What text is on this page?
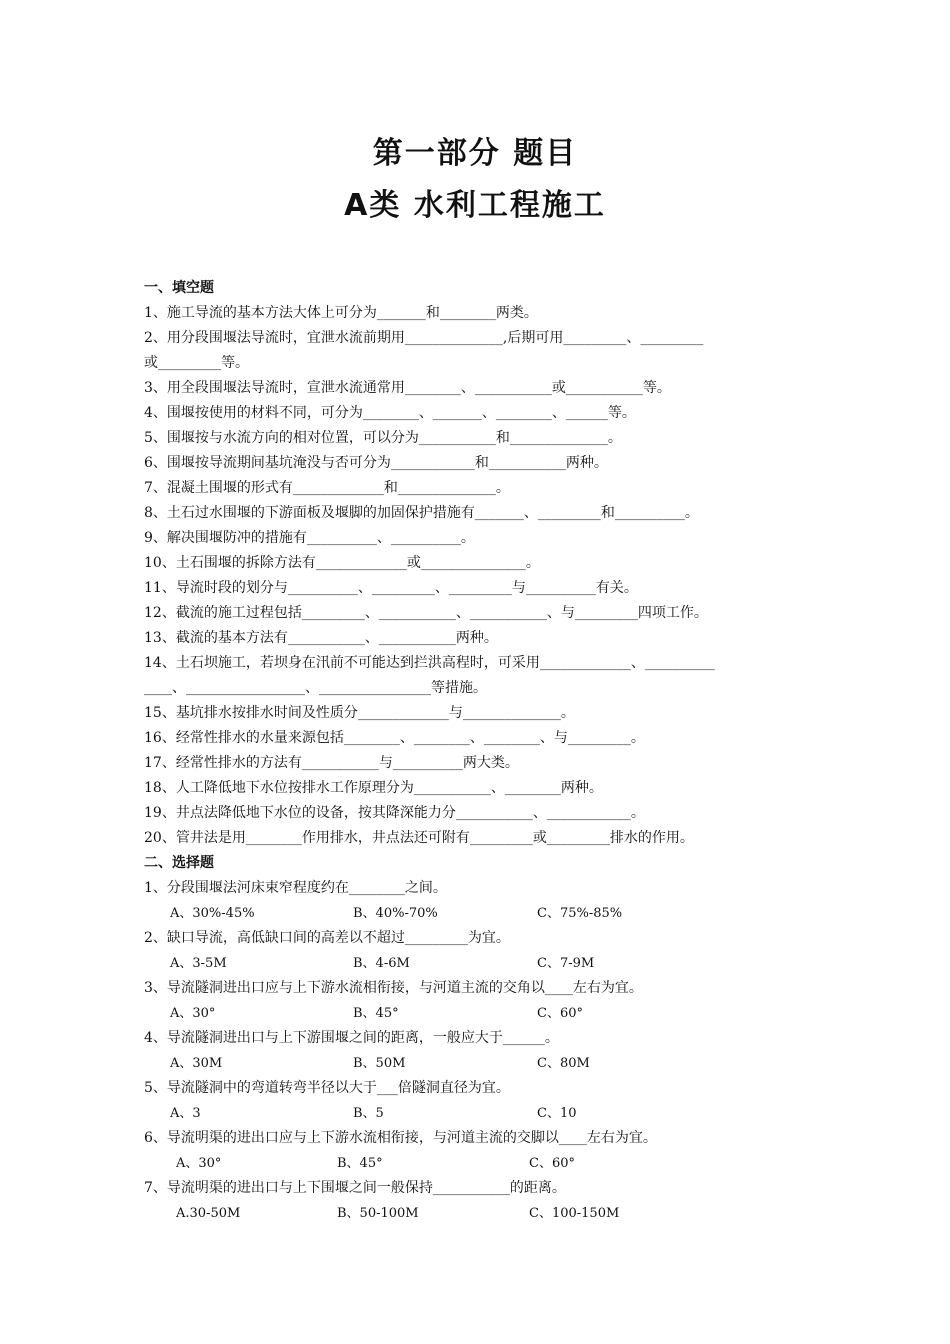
第一部分 题目
A类 水利工程施工
一、填空题
1、施工导流的基本方法大体上可分为_______和________两类。
2、用分段围堰法导流时，宜泄水流前期用______________,后期可用_________、_________
或_________等。
3、用全段围堰法导流时，宣泄水流通常用________、___________或___________等。
4、围堰按使用的材料不同，可分为________、_______、________、______等。
5、围堰按与水流方向的相对位置，可以分为___________和______________。
6、围堰按导流期间基坑淹没与否可分为____________和___________两种。
7、混凝土围堰的形式有_____________和______________。
8、土石过水围堰的下游面板及堰脚的加固保护措施有_______、_________和__________。
9、解决围堰防冲的措施有__________、__________。
10、土石围堰的拆除方法有_____________或_______________。
11、导流时段的划分与__________、_________、_________与__________有关。
12、截流的施工过程包括_________、___________、___________、与_________四项工作。
13、截流的基本方法有___________、___________两种。
14、土石坝施工，若坝身在汛前不可能达到拦洪高程时，可采用_____________、__________
____、_________________、________________等措施。
15、基坑排水按排水时间及性质分_____________与______________。
16、经常性排水的水量来源包括________、________、________、与_________。
17、经常性排水的方法有___________与__________两大类。
18、人工降低地下水位按排水工作原理分为___________、________两种。
19、井点法降低地下水位的设备，按其降深能力分___________、____________。
20、管井法是用________作用排水，井点法还可附有_________或_________排水的作用。
二、选择题
1、分段围堰法河床束窄程度约在________之间。
A、30%-45%	B、40%-70%	C、75%-85%
2、缺口导流，高低缺口间的高差以不超过_________为宜。
A、3-5M	B、4-6M	C、7-9M
3、导流隧洞进出口应与上下游水流相衔接，与河道主流的交角以____左右为宜。
A、30°	B、45°	C、60°
4、导流隧洞进出口与上下游围堰之间的距离，一般应大于______。
A、30M	B、50M	C、80M
5、导流隧洞中的弯道转弯半径以大于___倍隧洞直径为宜。
A、3	B、5	C、10
6、导流明渠的进出口应与上下游水流相衔接，与河道主流的交脚以____左右为宜。
A、30°	B、45°	C、60°
7、导流明渠的进出口与上下围堰之间一般保持___________的距离。
A.30-50M	B、50-100M	C、100-150M
